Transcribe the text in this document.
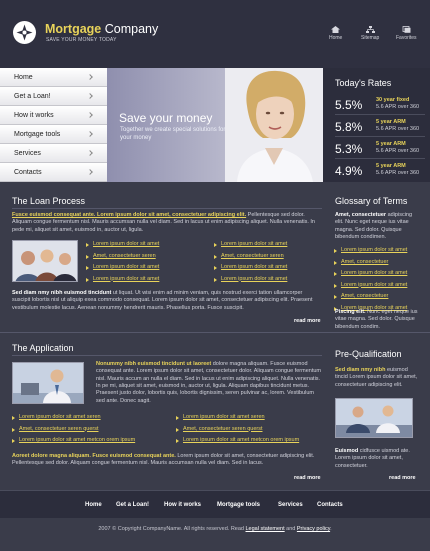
Mortgage Company
SAVE YOUR MONEY TODAY	Home	Sitemap	Favorites
Home
Get a Loan!
How it works
Mortgage tools
Services
Contacts
Save your money
Together we create special solutions for your money
Today's Rates
5.5% 30 year fixed
5.6 APR over 360
5.8% 5 year ARM
5.6 APR over 360
5.3% 5 year ARM
5.6 APR over 360
4.9% 5 year ARM
5.6 APR over 360
The Loan Process
Fusce euismod consequat ante. Lorem ipsum dolor sit amet, consectetuer adipiscing elit. Pellentesque sed dolor. Aliquam congue fermentum nisl. Mauris accumsan nulla vel diam. Sed in lacus ut enim adipiscing aliquet. Nulla venenatis. In pede mi, aliquet sit amet, euismod in, auctor ut, ligula.
Lorem ipsum dolor sit amet
Amet, consectetuer seren
Lorem ipsum dolor sit amet
Lorem ipsum dolor sit amet
Lorem ipsum dolor sit amet
Amet, consectetuer seren
Lorem ipsum dolor sit amet
Lorem ipsum dolor sit amet
Sed diam nmy nibh euismod tincidunt ut liquat. Ut wisi enim ad minim veniam, quis nostrud exerci tation ullamcorper suscipit lobortis nisl ut aliquip exea commodo consequat. Lorem ipsum dolor sit amet, consectetuer adipiscing elit. Praesent vestibulum molestie lacus. Aenean nonummy hendrerit mauris. Phasellus porta. Fusce suscipit.
read more
Glossary of Terms
Amet, consectetuer adipiscing elit. Nunc eget neque ius vitae magna. Sed dolor. Quisque bibendum condimen.
Lorem ipsum dolor sit amet
Amet, consectetuer
Lorem ipsum dolor sit amet
Lorem ipsum dolor sit amet
Amet, consectetuer
Lorem ipsum dolor sit amet
Piscing elit. Nunc eget neque ius vitae magna. Sed dolor. Quisque bibendum condim.
The Application
Nonummy nibh euismod tincidunt ut laoreet dolore magna aliquam. Fusce euismod consequat ante. Lorem ipsum dolor sit amet, consectetuer dolor. Aliquam congue fermentum nisl. Mauris accum an nulla el diam. Sed in lacus ut enim adipiscing aliquet. Nulla venenatis. In pe mi, aliquet sit amet, euismod in, auctor ut, ligula. Aliquam dapibus tincidunt metus. Praesent justo dolor, lobortis quis, lobortis dignissim, seren pulvinar ac, lorem. Vestibulum sed ante. Donec sagit.
Lorem ipsum dolor sit amet seren
Amet, consectetuer seren querst
Lorem ipsum dolor sit amet metcon orem ipsum
Lorem ipsum dolor sit amet seren
Amet, consectetuer seren querst
Lorem ipsum dolor sit amet metcon orem ipsum
Aoreet dolore magna aliquam. Fusce euismod consequat ante. Lorem ipsum dolor sit amet, consectetuer adipiscing elit. Pellentesque sed dolor. Aliquam congue fermentum nisl. Mauris accumsan nulla vel diam. Sed in lacus.
read more
Pre-Qualification
Sed diam nmy nibh euismod tincid Lorem ipsum dolor sit amet, consectetuer adipiscing elit.
Euismod cidfusce uismod ate. Lorem ipsum dolor sit amet, consectetuer.
read more
Home Get a Loan! How it works	Mortgage tools	Services Contacts
2007 © Copyright CompanyName. All rights reserved. Read Legal statement and Privacy policy.
